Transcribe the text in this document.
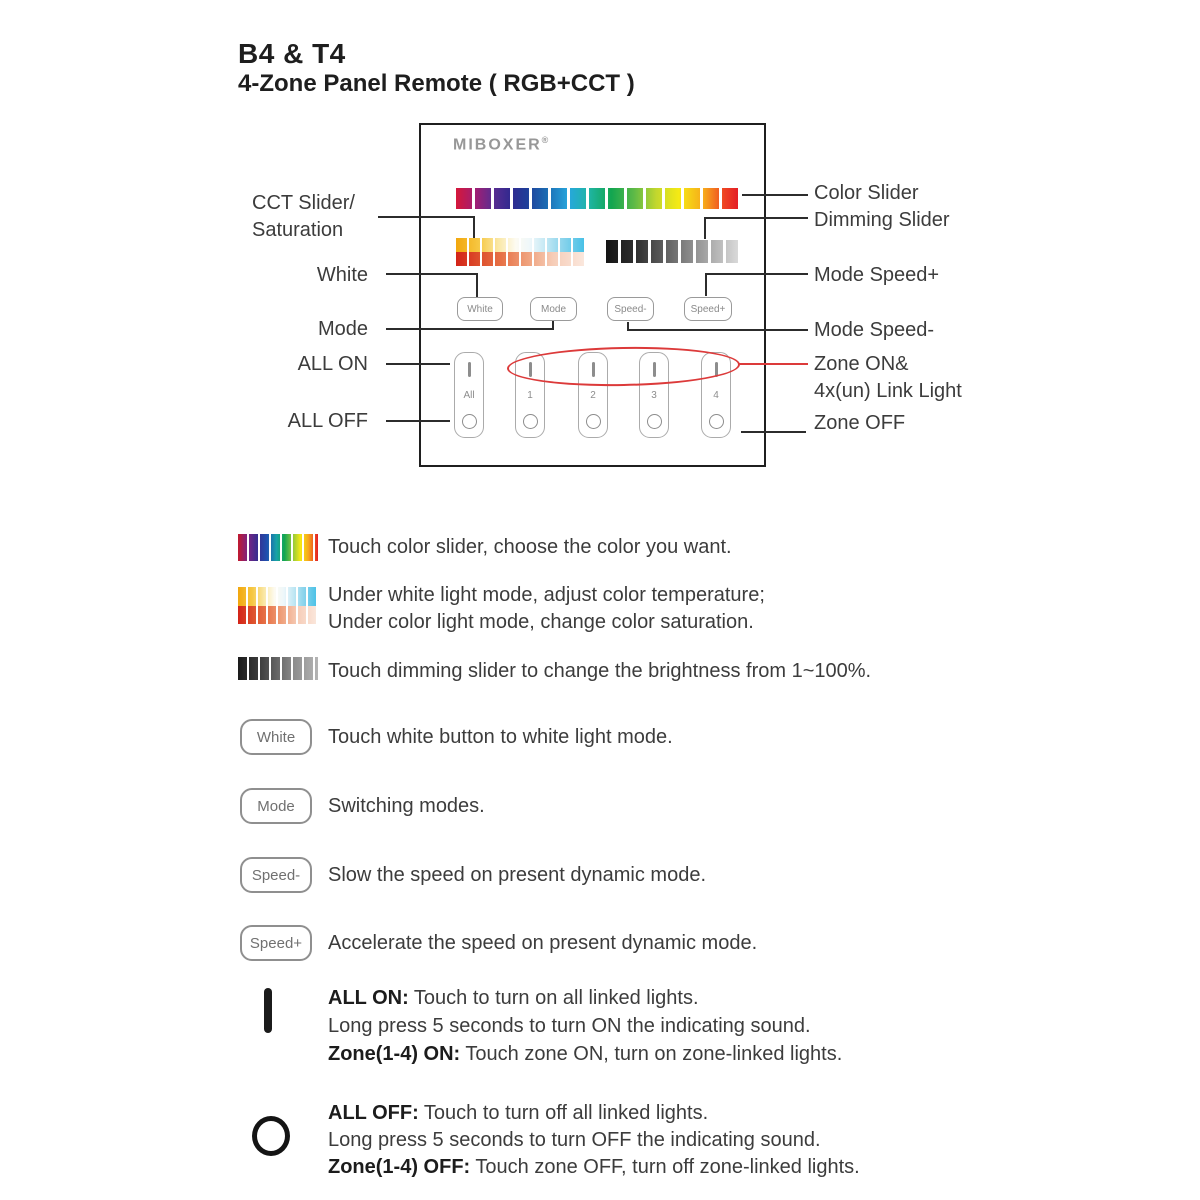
B4 & T4
4-Zone Panel Remote ( RGB+CCT )
MIBOXER®
White	Mode	Speed-	Speed+
All	1	2	3	4
CCT Slider/
Saturation
White
Mode
ALL ON
ALL OFF
Color Slider
Dimming Slider
Mode Speed+
Mode Speed-
Zone ON&
4x(un) Link Light
Zone OFF
Touch color slider, choose the color you want.
Under white light mode, adjust color temperature;
Under color light mode, change color saturation.
Touch dimming slider to change the brightness from 1~100%.
White	Touch white button to white light mode.
Mode	Switching modes.
Speed-	Slow the speed on present dynamic mode.
Speed+	Accelerate the speed on present dynamic mode.
ALL ON: Touch to turn on all linked lights.
Long press 5 seconds to turn ON the indicating sound.
Zone(1-4) ON: Touch zone ON, turn on zone-linked lights.
ALL OFF: Touch to turn off all linked lights.
Long press 5 seconds to turn OFF the indicating sound.
Zone(1-4) OFF: Touch zone OFF, turn off zone-linked lights.
